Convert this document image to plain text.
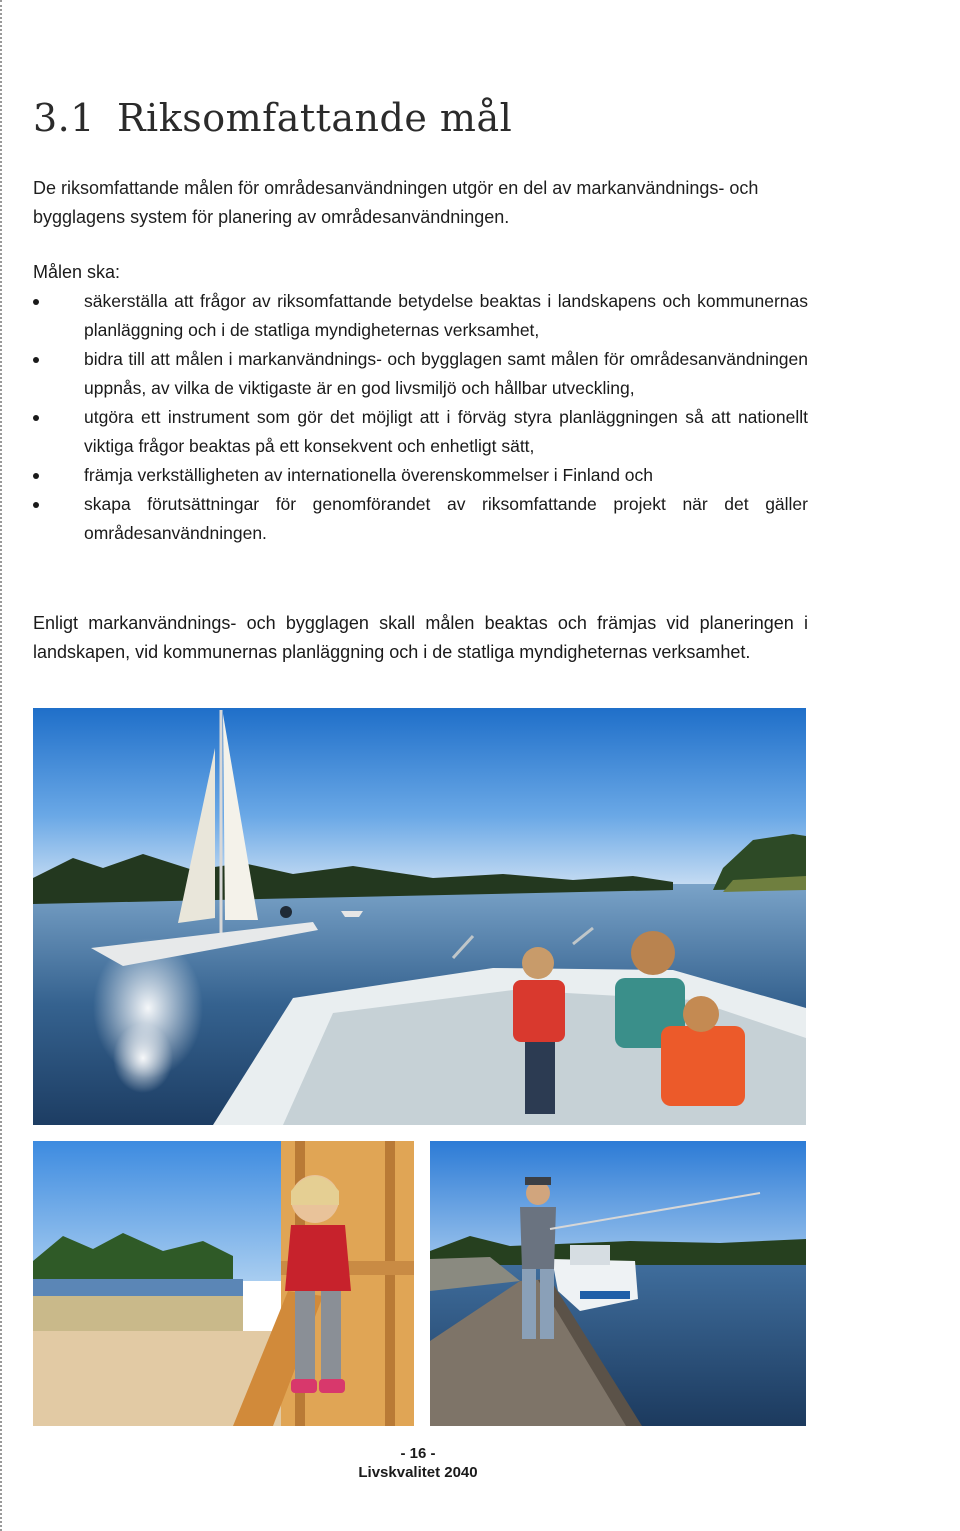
3.1 Riksomfattande mål

De riksomfattande målen för områdesanvändningen utgör en del av markanvändnings- och bygglagens system för planering av områdesanvändningen.

Målen ska:

säkerställa att frågor av riksomfattande betydelse beaktas i landskapens och kommunernas planläggning och i de statliga myndigheternas verksamhet,
bidra till att målen i markanvändnings- och bygglagen samt målen för områdesanvändningen uppnås, av vilka de viktigaste är en god livsmiljö och hållbar utveckling,
utgöra ett instrument som gör det möjligt att i förväg styra planläggningen så att nationellt viktiga frågor beaktas på ett konsekvent och enhetligt sätt,
främja verkställigheten av internationella överenskommelser i Finland och
skapa förutsättningar för genomförandet av riksomfattande projekt när det gäller områdesanvändningen.

Enligt markanvändnings- och bygglagen skall målen beaktas och främjas vid planeringen i landskapen, vid kommunernas planläggning och i de statliga myndigheternas verksamhet.

- 16 -
Livskvalitet 2040
